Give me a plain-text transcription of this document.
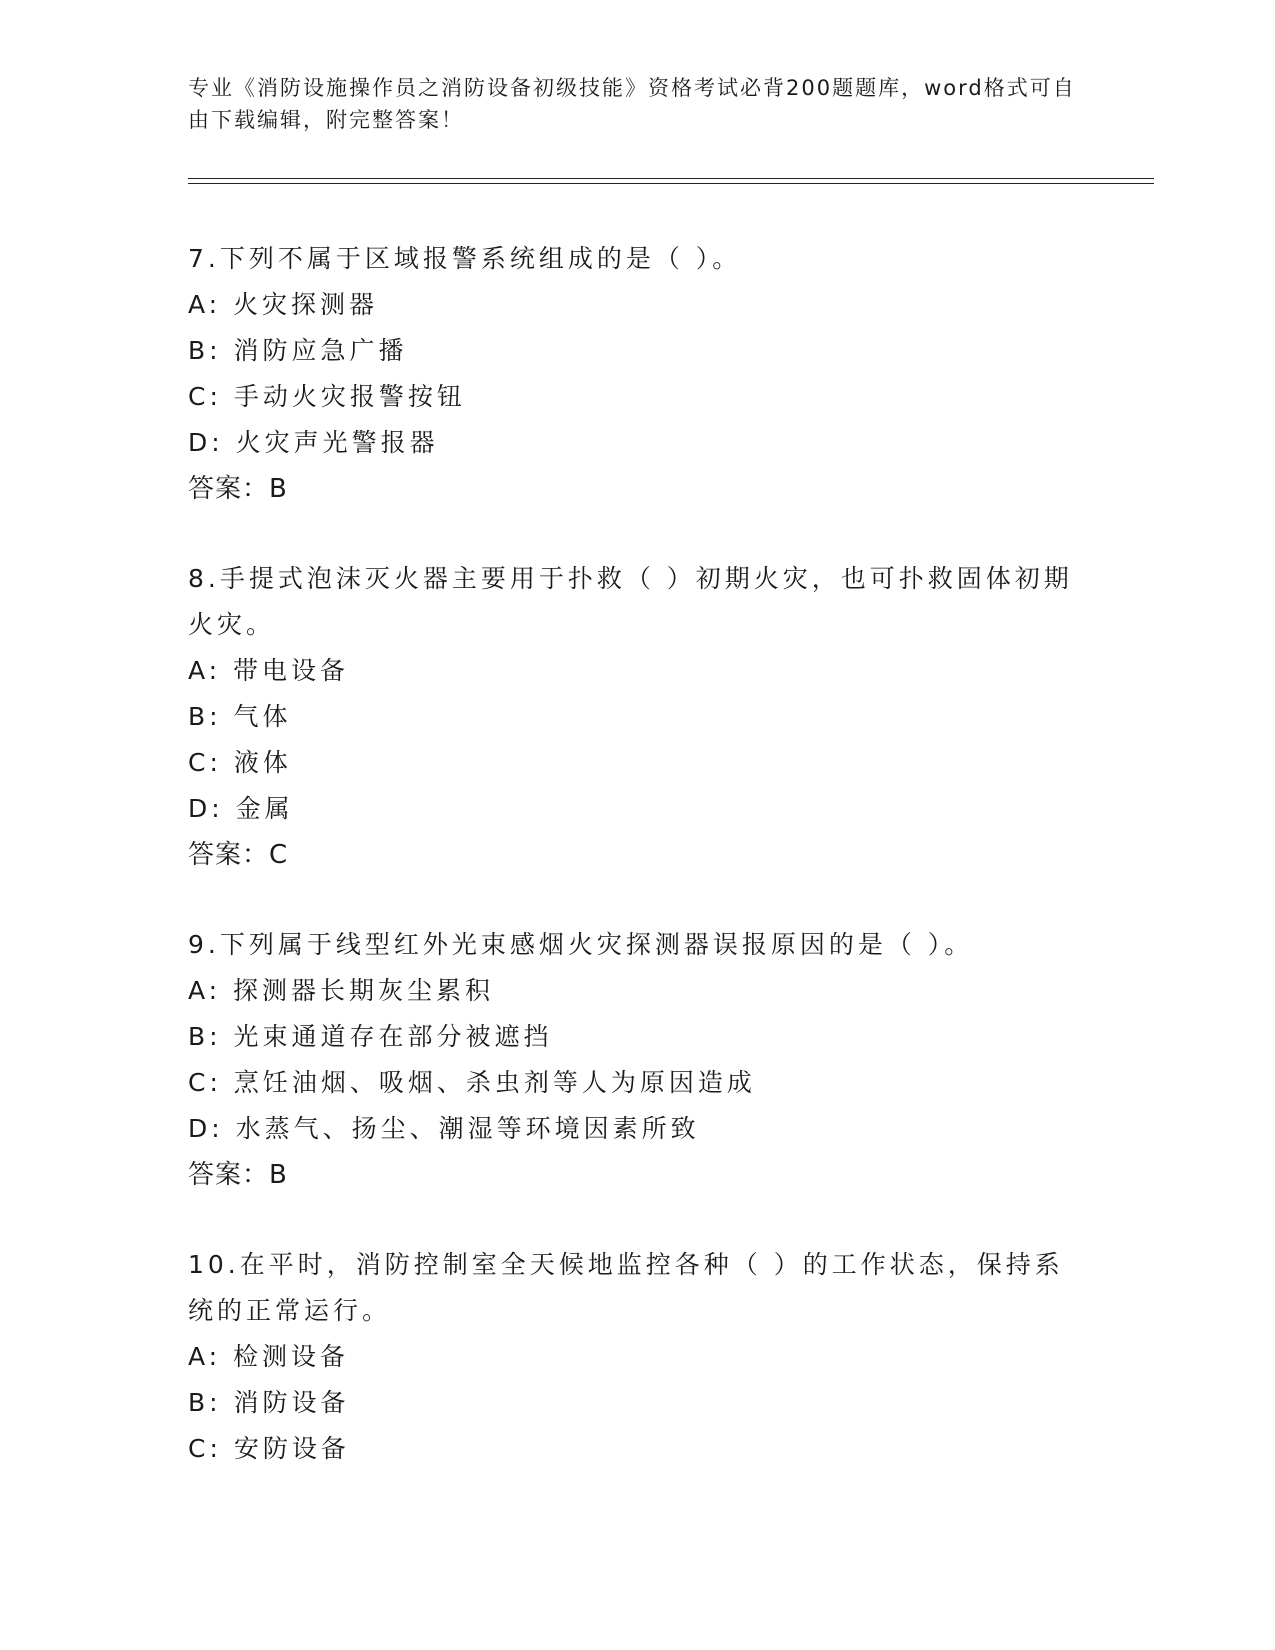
专业《消防设施操作员之消防设备初级技能》资格考试必背200题题库，word格式可自由下载编辑，附完整答案！
7.下列不属于区域报警系统组成的是（ ）。
A: 火灾探测器
B: 消防应急广播
C: 手动火灾报警按钮
D: 火灾声光警报器
答案：B
8.手提式泡沫灭火器主要用于扑救（ ）初期火灾，也可扑救固体初期火灾。
A: 带电设备
B: 气体
C: 液体
D: 金属
答案：C
9.下列属于线型红外光束感烟火灾探测器误报原因的是（ ）。
A: 探测器长期灰尘累积
B: 光束通道存在部分被遮挡
C: 烹饪油烟、吸烟、杀虫剂等人为原因造成
D: 水蒸气、扬尘、潮湿等环境因素所致
答案：B
10.在平时，消防控制室全天候地监控各种（ ）的工作状态，保持系统的正常运行。
A: 检测设备
B: 消防设备
C: 安防设备
